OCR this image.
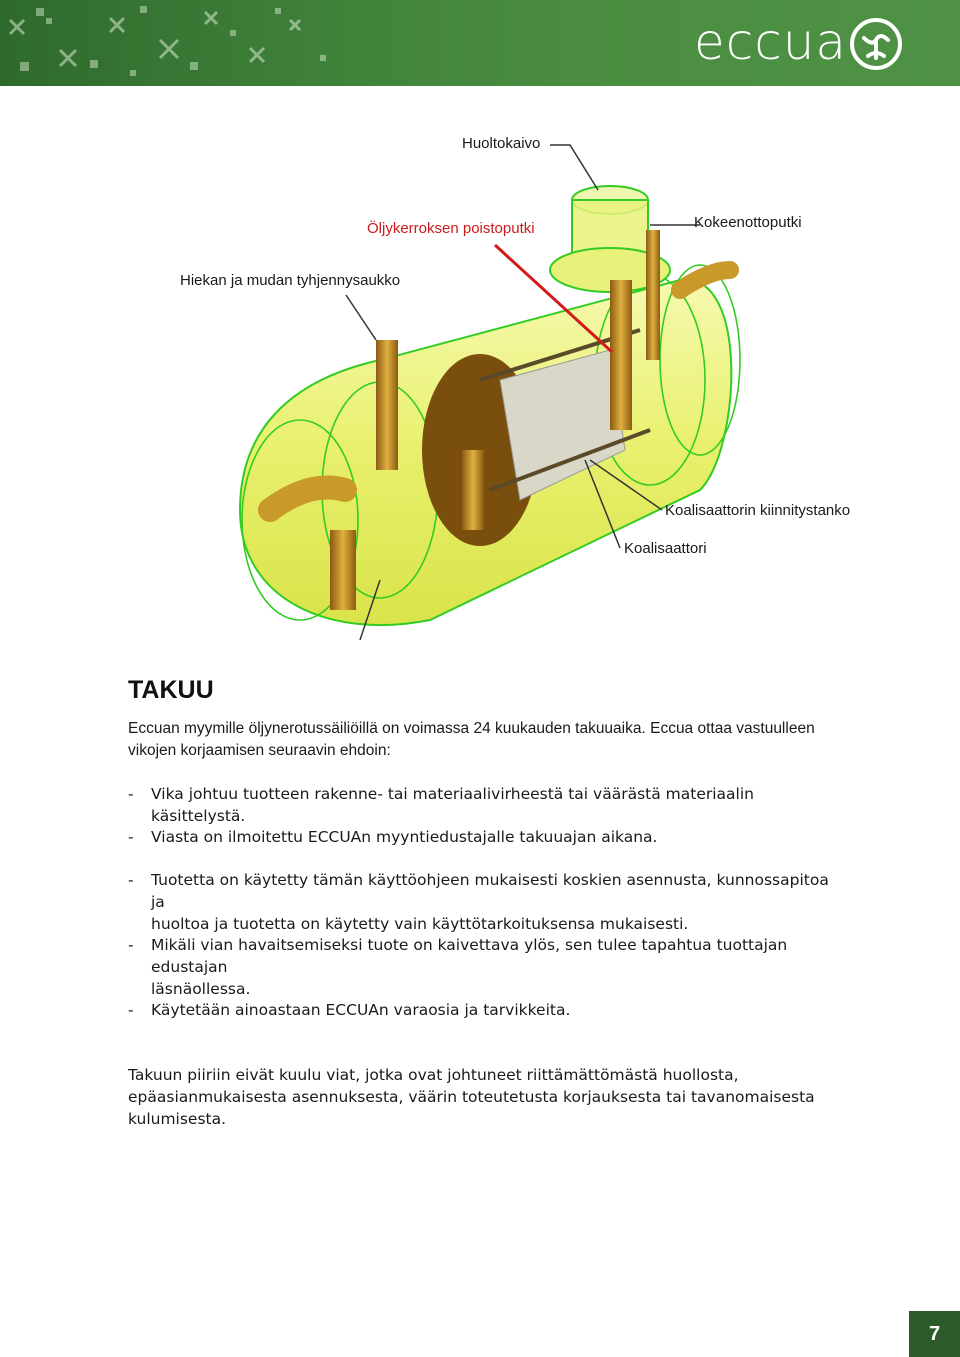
eccua
Huoltokaivo
Öljykerroksen poistoputki	Kokeenottoputki
Hiekan ja mudan tyhjennysaukko
Koalisaattorin kiinnitystanko
Koalisaattori
TAKUU
Eccuan myymille öljynerotussäiliöillä on voimassa 24 kuukauden takuuaika. Eccua ottaa vastuulleen
vikojen korjaamisen seuraavin ehdoin:
- Vika johtuu tuotteen rakenne- tai materiaalivirheestä tai väärästä materiaalin käsittelystä.
- Viasta on ilmoitettu ECCUAn myyntiedustajalle takuuajan aikana.
- Tuotetta on käytetty tämän käyttöohjeen mukaisesti koskien asennusta, kunnossapitoa ja
huoltoa ja tuotetta on käytetty vain käyttötarkoituksensa mukaisesti.
- Mikäli vian havaitsemiseksi tuote on kaivettava ylös, sen tulee tapahtua tuottajan edustajan
läsnäollessa.
- Käytetään ainoastaan ECCUAn varaosia ja tarvikkeita.
Takuun piiriin eivät kuulu viat, jotka ovat johtuneet riittämättömästä huollosta,
epäasianmukaisesta asennuksesta, väärin toteutetusta korjauksesta tai tavanomaisesta
kulumisesta.
7
